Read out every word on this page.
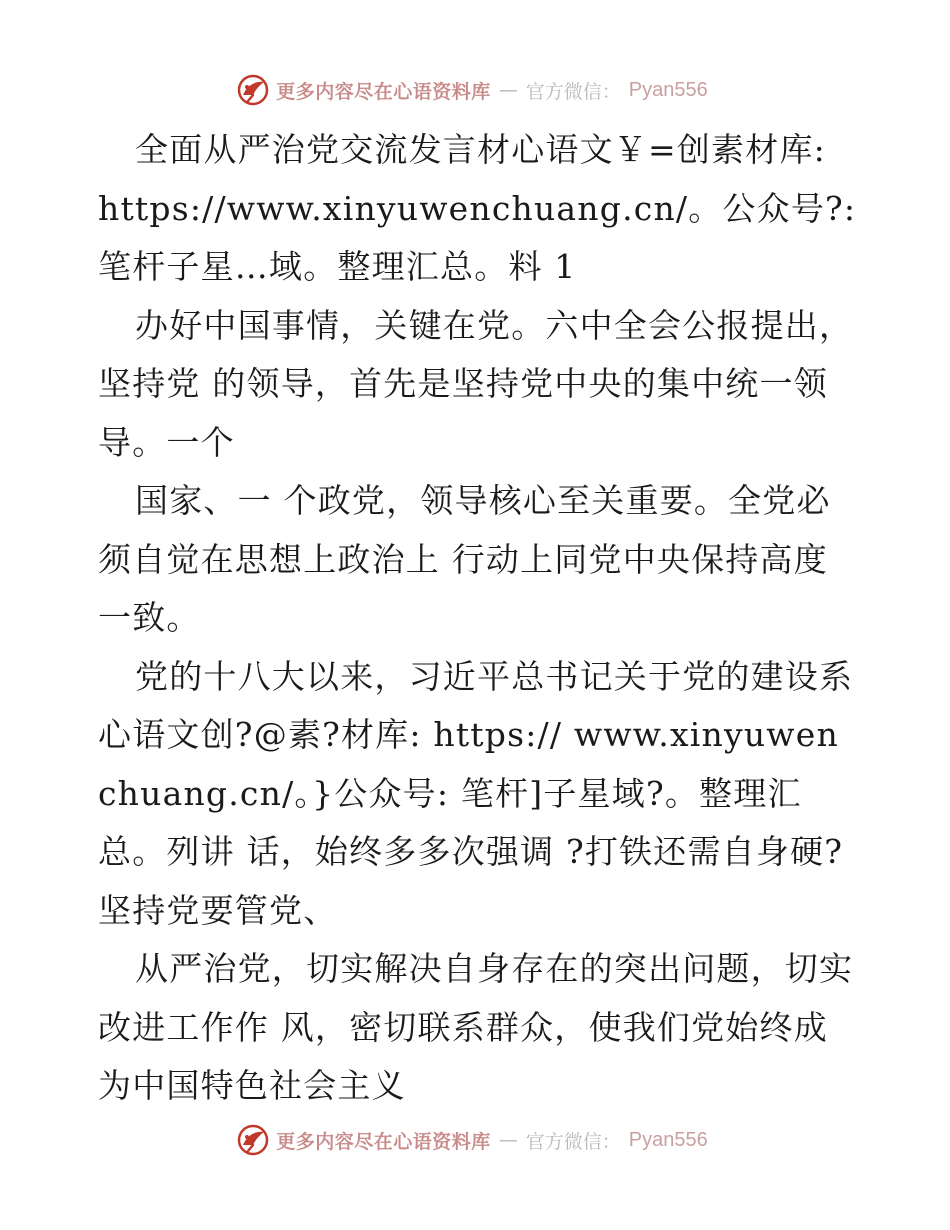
更多内容尽在心语资料库 — 官方微信： Pyan556

全面从严治党交流发言材心语文￥=创素材库: https://www.xinyuwenchuang.cn/。公众号?: 笔杆子星…域。整理汇总。料 1

办好中国事情，关键在党。六中全会公报提出，坚持党 的领导，首先是坚持党中央的集中统一领导。一个

国家、一 个政党，领导核心至关重要。全党必须自觉在思想上政治上 行动上同党中央保持高度一致。

党的十八大以来，习近平总书记关于党的建设系心语文创?@素?材库: https:// www.xinyuwenchuang.cn/。}公众号: 笔杆]子星域?。整理汇总。列讲 话，始终多多次强调 ?打铁还需自身硬? 坚持党要管党、

从严治党，切实解决自身存在的突出问题，切实改进工作作 风，密切联系群众，使我们党始终成为中国特色社会主义

更多内容尽在心语资料库 — 官方微信： Pyan556
